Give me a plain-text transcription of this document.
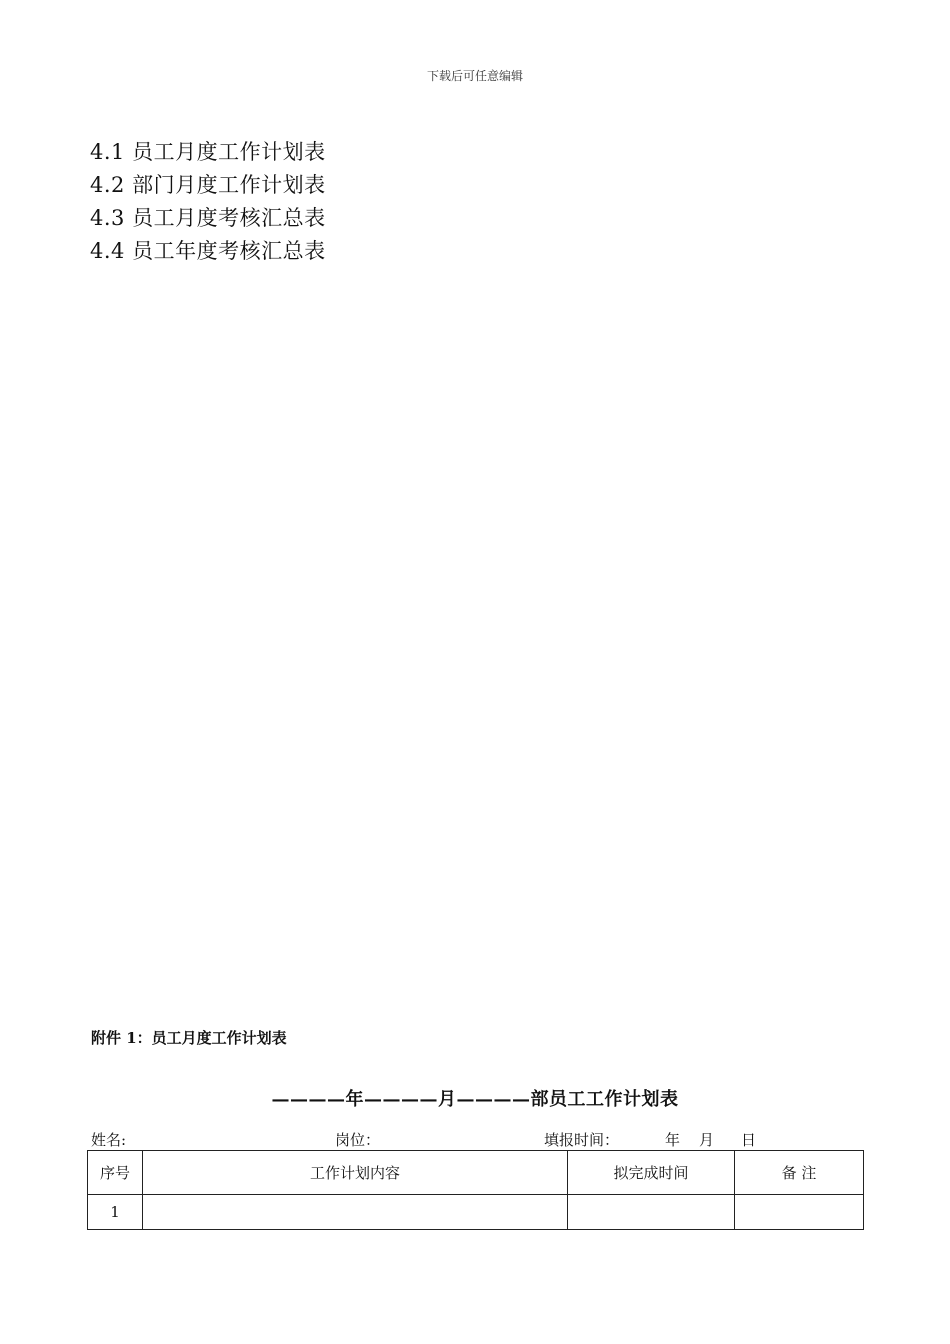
下载后可任意编辑
4.1 员工月度工作计划表
4.2 部门月度工作计划表
4.3 员工月度考核汇总表
4.4 员工年度考核汇总表
附件 1：员工月度工作计划表
————年————月————部员工工作计划表
姓名:	岗位：	填报时间：	年 月 日
序号	工作计划内容	拟完成时间	备 注
1			
